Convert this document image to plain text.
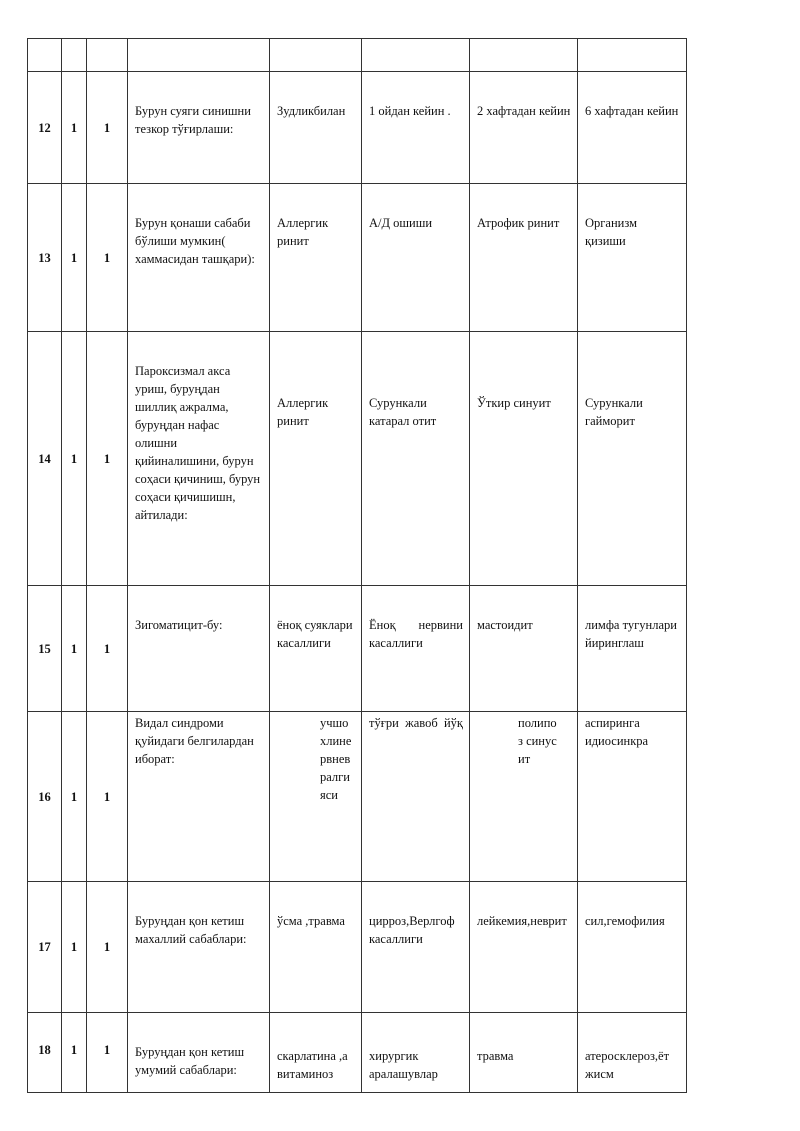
12	1	1	Бурун суяги синишни тезкор тўғирлаши:	Зудликбилан	1 ойдан кейин .	2 хафтадан кейин	6 хафтадан кейин
13	1	1	Бурун қонаши сабаби бўлиши мумкин( хаммасидан ташқари):	Аллергик ринит	А/Д ошиши	Атрофик ринит	Организм қизиши
14	1	1	Пароксизмал акса уриш, буруңдан шиллиқ ажралма, буруңдан нафас олишни қийиналишини, бурун соҳаси қичиниш, бурун соҳаси қичишишн, айтилади:	Аллергик ринит	Сурункали катарал отит	Ўткир синуит	Сурункали гайморит
15	1	1	Зигоматицит-бу:	ёноқ суяклари касаллиги	Ёноқ нервини касаллиги	мастоидит	лимфа тугунлари йиринглаш
16	1	1	Видал синдроми қуйидаги белгилардан иборат:	учшохлинервневралгияси	тўғри жавоб йўқ	полипоз синусит	аспиринга идиосинкра
17	1	1	Буруңдан қон кетиш махаллий сабаблари:	ўсма ,травма	цирроз,Верлгоф касаллиги	лейкемия,неврит	сил,гемофилия
18	1	1	Буруңдан қон кетиш умумий сабаблари:	скарлатина ,а витаминоз	хирургик аралашувлар	травма	атеросклероз,ёт жисм
